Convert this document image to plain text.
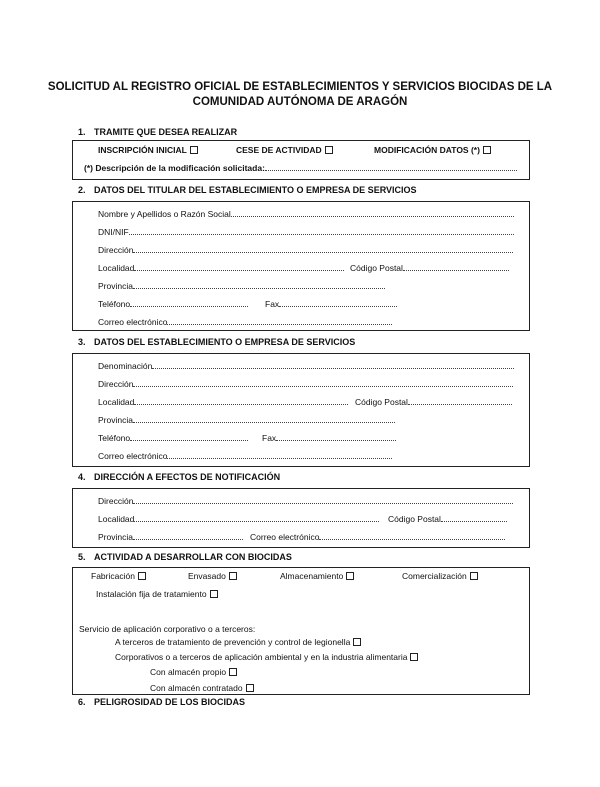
SOLICITUD AL REGISTRO OFICIAL DE ESTABLECIMIENTOS Y SERVICIOS BIOCIDAS DE LA
COMUNIDAD AUTÓNOMA DE ARAGÓN
1. TRAMITE QUE DESEA REALIZAR
INSCRIPCIÓN INICIAL	CESE DE ACTIVIDAD	MODIFICACIÓN DATOS (*)
(*) Descripción de la modificación solicitada:
2. DATOS DEL TITULAR DEL ESTABLECIMIENTO O EMPRESA DE SERVICIOS
Nombre y Apellidos o Razón Social
DNI/NIF
Dirección
Localidad	Código Postal
Provincia
Teléfono	Fax
Correo electrónico
3. DATOS DEL ESTABLECIMIENTO O EMPRESA DE SERVICIOS
Denominación
Dirección
Localidad	Código Postal
Provincia
Teléfono	Fax
Correo electrónico
4. DIRECCIÓN A EFECTOS DE NOTIFICACIÓN
Dirección
Localidad	Código Postal
Provincia	Correo electrónico
5. ACTIVIDAD A DESARROLLAR CON BIOCIDAS
Fabricación	Envasado	Almacenamiento	Comercialización
Instalación fija de tratamiento
Servicio de aplicación corporativo o a terceros:
A terceros de tratamiento de prevención y control de legionella
Corporativos o a terceros de aplicación ambiental y en la industria alimentaria
Con almacén propio
Con almacén contratado
6. PELIGROSIDAD DE LOS BIOCIDAS
